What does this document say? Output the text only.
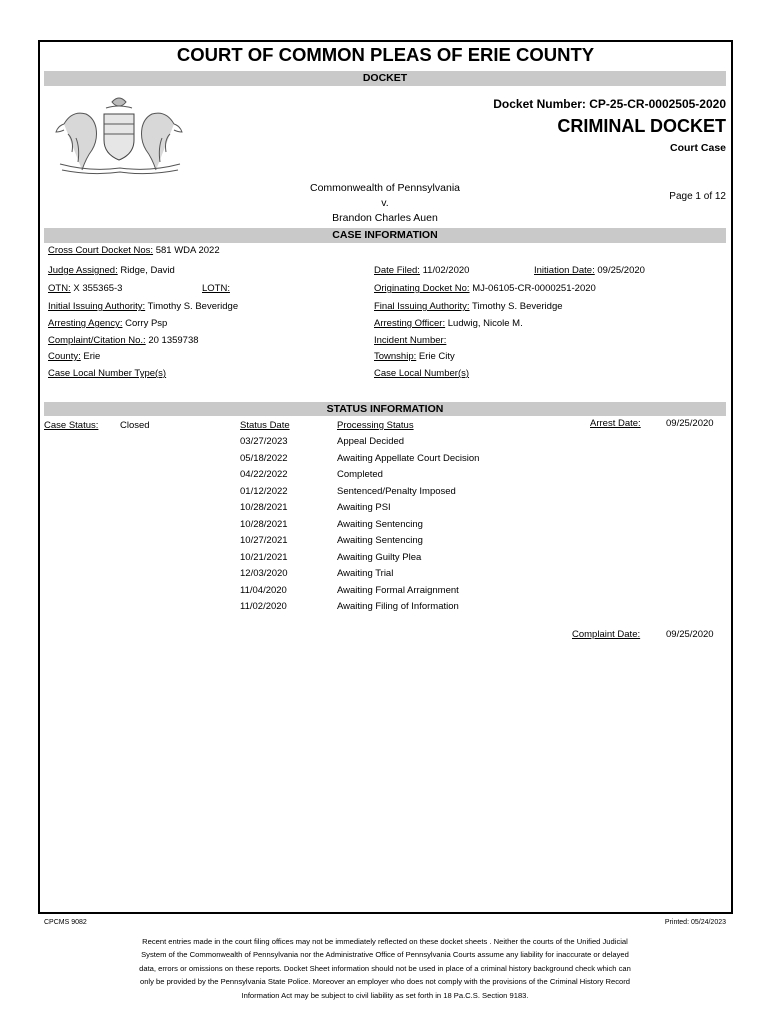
COURT OF COMMON PLEAS OF ERIE COUNTY
DOCKET
Docket Number: CP-25-CR-0002505-2020
CRIMINAL DOCKET
Court Case
Commonwealth of Pennsylvania
v.
Brandon Charles Auen
Page 1 of 12
CASE INFORMATION
Cross Court Docket Nos: 581 WDA 2022
Judge Assigned: Ridge, David	Date Filed: 11/02/2020	Initiation Date: 09/25/2020
OTN: X 355365-3	LOTN:	Originating Docket No: MJ-06105-CR-0000251-2020
Initial Issuing Authority: Timothy S. Beveridge	Final Issuing Authority: Timothy S. Beveridge
Arresting Agency: Corry Psp	Arresting Officer: Ludwig, Nicole M.
Complaint/Citation No.: 20 1359738	Incident Number:
County: Erie	Township: Erie City
Case Local Number Type(s)	Case Local Number(s)
STATUS INFORMATION
Case Status: Closed	Status Date	Processing Status	Arrest Date:	09/25/2020
03/27/2023	Appeal Decided
05/18/2022	Awaiting Appellate Court Decision
04/22/2022	Completed
01/12/2022	Sentenced/Penalty Imposed
10/28/2021	Awaiting PSI
10/28/2021	Awaiting Sentencing
10/27/2021	Awaiting Sentencing
10/21/2021	Awaiting Guilty Plea
12/03/2020	Awaiting Trial
11/04/2020	Awaiting Formal Arraignment
11/02/2020	Awaiting Filing of Information
Complaint Date:	09/25/2020
CPCMS 9082	Printed: 05/24/2023
Recent entries made in the court filing offices may not be immediately reflected on these docket sheets . Neither the courts of the Unified Judicial
System of the Commonwealth of Pennsylvania nor the Administrative Office of Pennsylvania Courts assume any liability for inaccurate or delayed
data, errors or omissions on these reports. Docket Sheet information should not be used in place of a criminal history background check which can
only be provided by the Pennsylvania State Police. Moreover an employer who does not comply with the provisions of the Criminal History Record
Information Act may be subject to civil liability as set forth in 18 Pa.C.S. Section 9183.
